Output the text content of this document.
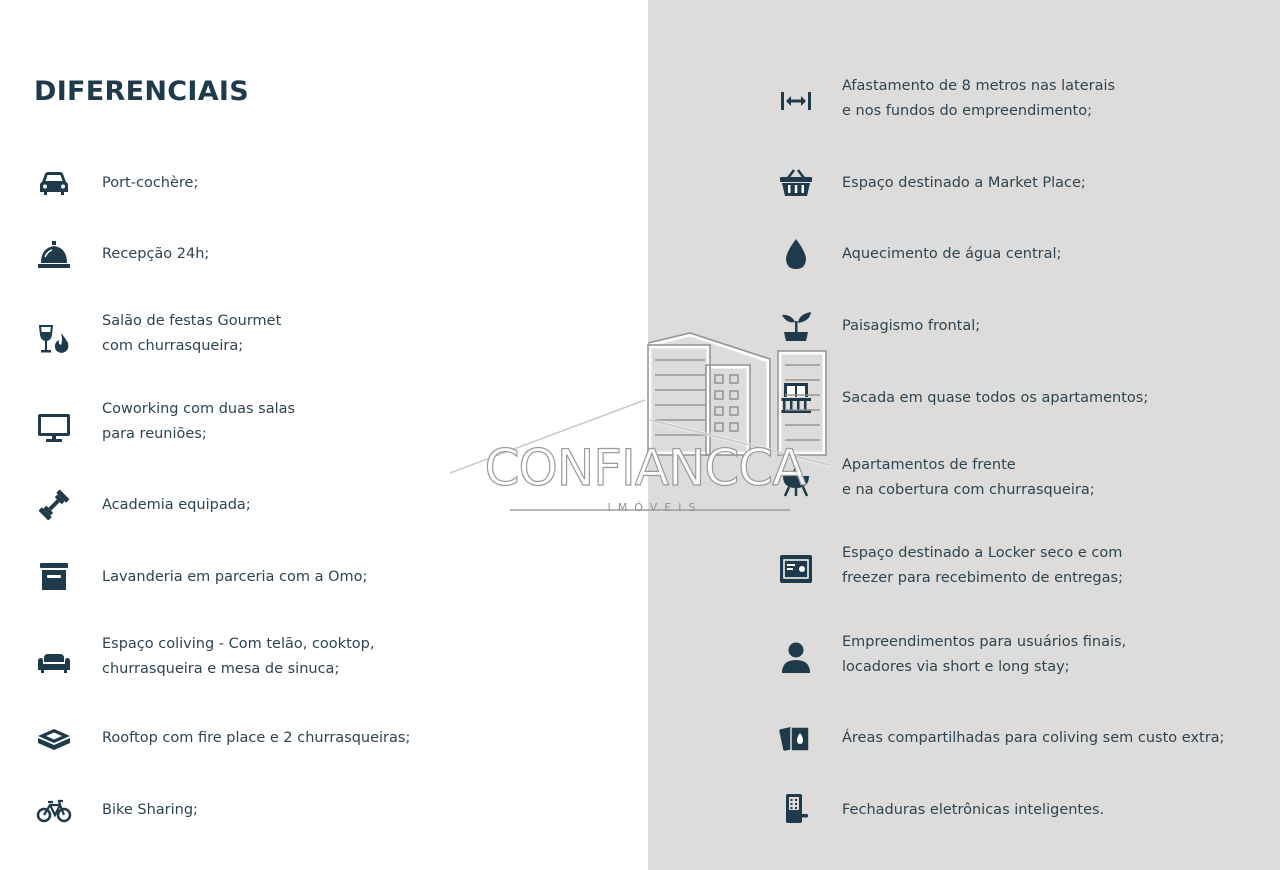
DIFERENCIAIS
Port-cochère;
Recepção 24h;
Salão de festas Gourmet
com churrasqueira;
Coworking com duas salas
para reuniões;
Academia equipada;
Lavanderia em parceria com a Omo;
Espaço coliving - Com telão, cooktop,
churrasqueira e mesa de sinuca;
Rooftop com fire place e 2 churrasqueiras;
Bike Sharing;
Afastamento de 8 metros nas laterais
e nos fundos do empreendimento;
Espaço destinado a Market Place;
Aquecimento de água central;
Paisagismo frontal;
Sacada em quase todos os apartamentos;
Apartamentos de frente
e na cobertura com churrasqueira;
Espaço destinado a Locker seco e com
freezer para recebimento de entregas;
Empreendimentos para usuários finais,
locadores via short e long stay;
Áreas compartilhadas para coliving sem custo extra;
Fechaduras eletrônicas inteligentes.
CONFIANCCA
IMÓVEIS
